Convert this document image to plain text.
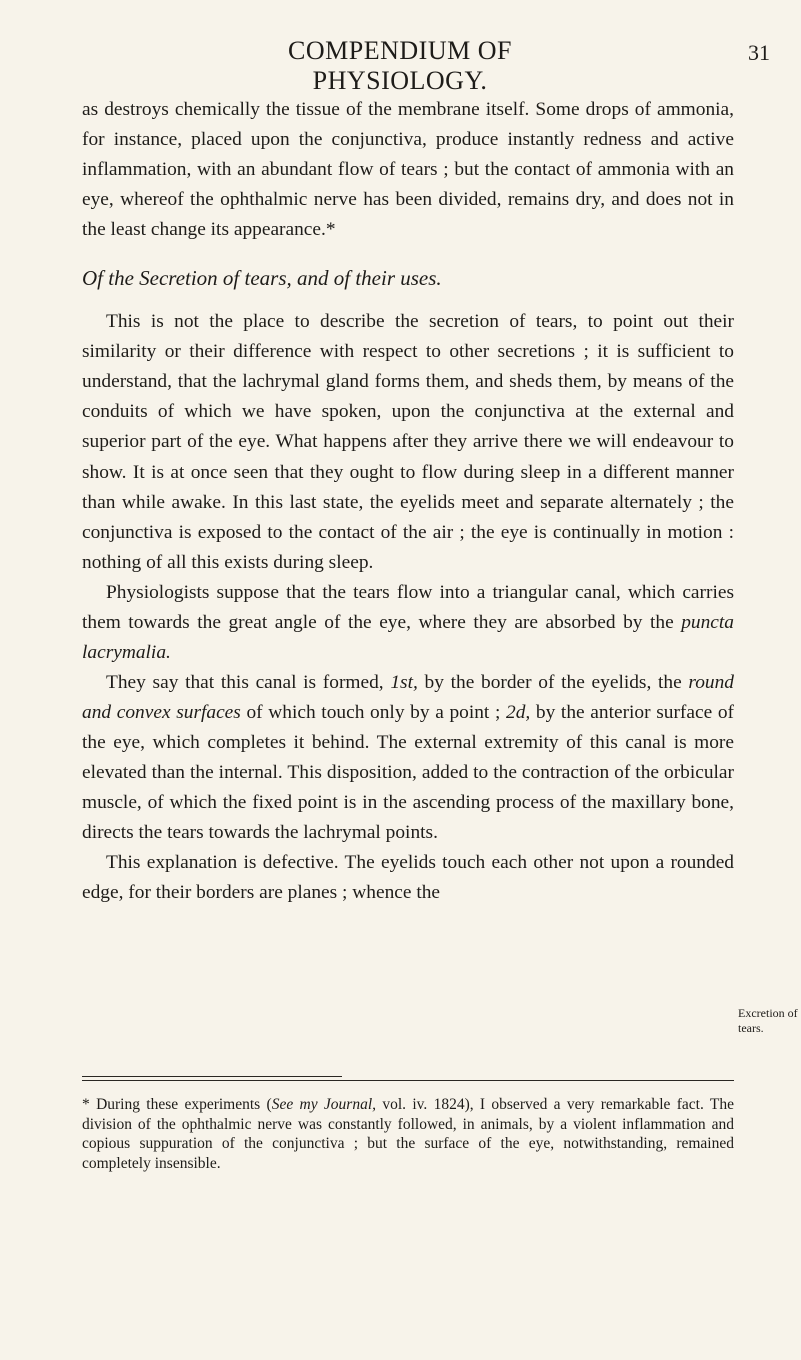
COMPENDIUM OF PHYSIOLOGY.
31

as destroys chemically the tissue of the membrane itself. Some drops of ammonia, for instance, placed upon the conjunctiva, produce instantly redness and active inflammation, with an abundant flow of tears ; but the contact of ammonia with an eye, whereof the ophthalmic nerve has been divided, remains dry, and does not in the least change its appearance.*

Of the Secretion of tears, and of their uses.

This is not the place to describe the secretion of tears, to point out their similarity or their difference with respect to other secretions ; it is sufficient to understand, that the lachrymal gland forms them, and sheds them, by means of the conduits of which we have spoken, upon the conjunctiva at the external and superior part of the eye. What happens after they arrive there we will endeavour to show. It is at once seen that they ought to flow during sleep in a different manner than while awake. In this last state, the eyelids meet and separate alternately ; the conjunctiva is exposed to the contact of the air ; the eye is continually in motion : nothing of all this exists during sleep.

Physiologists suppose that the tears flow into a triangular canal, which carries them towards the great angle of the eye, where they are absorbed by the puncta lacrymalia.

They say that this canal is formed, 1st, by the border of the eyelids, the round and convex surfaces of which touch only by a point ; 2d, by the anterior surface of the eye, which completes it behind. The external extremity of this canal is more elevated than the internal. This disposition, added to the contraction of the orbicular muscle, of which the fixed point is in the ascending process of the maxillary bone, directs the tears towards the lachrymal points.

This explanation is defective. The eyelids touch each other not upon a rounded edge, for their borders are planes ; whence the

Excretion of tears.
* During these experiments (See my Journal, vol. iv. 1824), I observed a very remarkable fact. The division of the ophthalmic nerve was constantly followed, in animals, by a violent inflammation and copious suppuration of the conjunctiva ; but the surface of the eye, notwithstanding, remained completely insensible.
